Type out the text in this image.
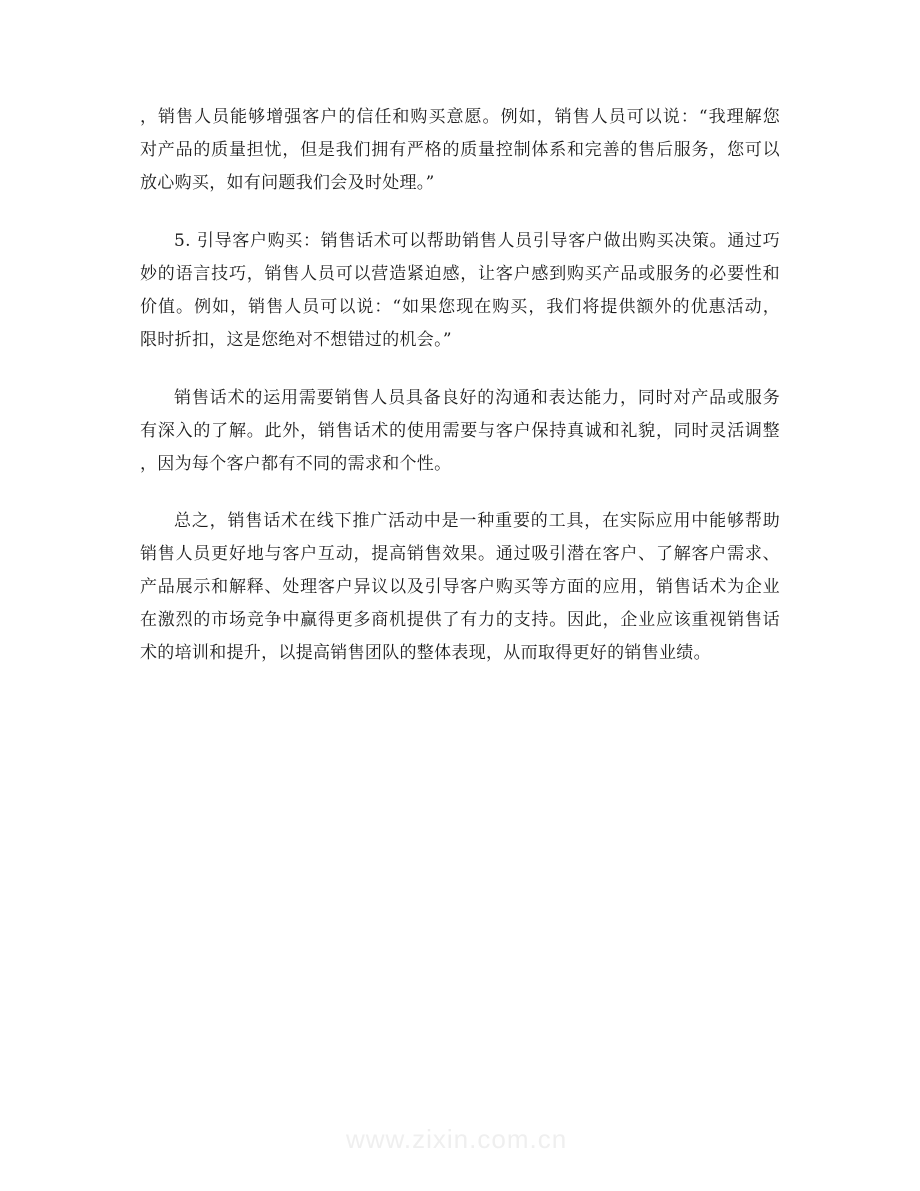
，销售人员能够增强客户的信任和购买意愿。例如，销售人员可以说：“我理解您
对产品的质量担忧，但是我们拥有严格的质量控制体系和完善的售后服务，您可以
放心购买，如有问题我们会及时处理。”
5. 引导客户购买：销售话术可以帮助销售人员引导客户做出购买决策。通过巧
妙的语言技巧，销售人员可以营造紧迫感，让客户感到购买产品或服务的必要性和
价值。例如，销售人员可以说：“如果您现在购买，我们将提供额外的优惠活动，
限时折扣，这是您绝对不想错过的机会。”
销售话术的运用需要销售人员具备良好的沟通和表达能力，同时对产品或服务
有深入的了解。此外，销售话术的使用需要与客户保持真诚和礼貌，同时灵活调整
，因为每个客户都有不同的需求和个性。
总之，销售话术在线下推广活动中是一种重要的工具，在实际应用中能够帮助
销售人员更好地与客户互动，提高销售效果。通过吸引潜在客户、了解客户需求、
产品展示和解释、处理客户异议以及引导客户购买等方面的应用，销售话术为企业
在激烈的市场竞争中赢得更多商机提供了有力的支持。因此，企业应该重视销售话
术的培训和提升，以提高销售团队的整体表现，从而取得更好的销售业绩。
www.zixin.com.cn
